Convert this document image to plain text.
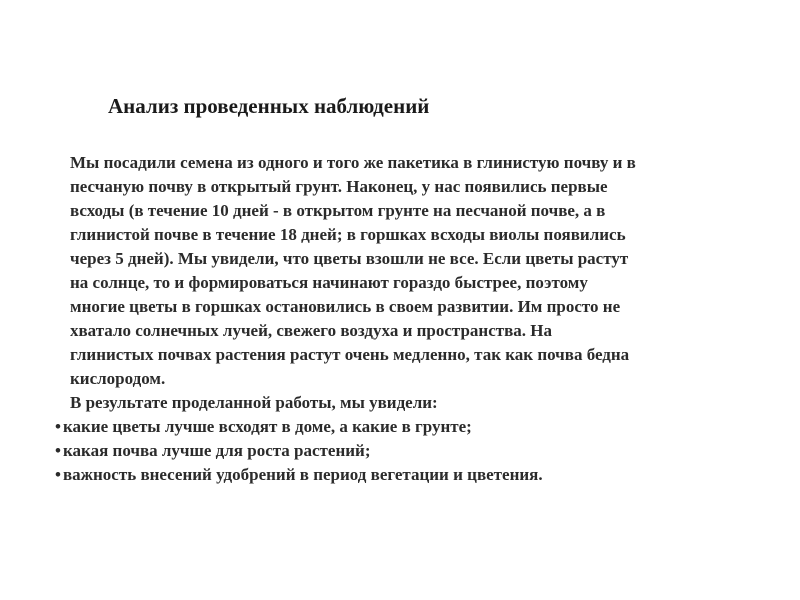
Анализ проведенных наблюдений
Мы посадили семена из одного и того же пакетика в глинистую почву и в
песчаную почву в открытый грунт. Наконец, у нас появились первые
всходы (в течение 10 дней - в открытом грунте на песчаной почве, а в
глинистой почве в течение 18 дней; в горшках всходы виолы появились
через 5 дней). Мы увидели, что цветы взошли не все. Если цветы растут
на солнце, то и формироваться начинают гораздо быстрее, поэтому
многие цветы в горшках остановились в своем развитии. Им просто не
хватало солнечных лучей, свежего воздуха и пространства. На
глинистых почвах растения растут очень медленно, так как почва бедна
кислородом.
В результате проделанной работы, мы увидели:
• какие цветы лучше всходят в доме, а какие в грунте;
• какая почва лучше для роста растений;
• важность внесений удобрений в период вегетации и цветения.
